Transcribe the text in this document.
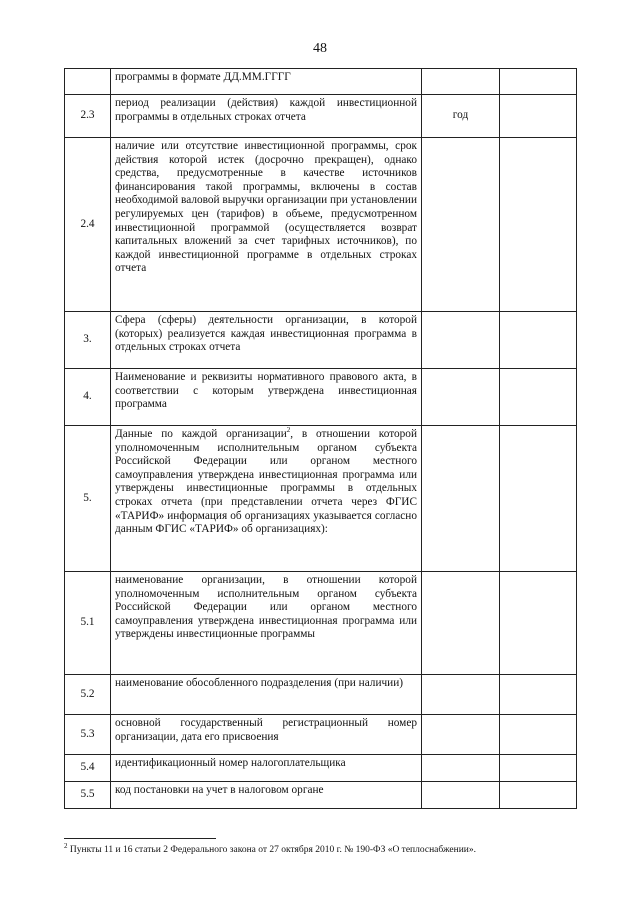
48
	программы в формате ДД.ММ.ГГГГ		
2.3	период реализации (действия) каждой инвестиционной программы в отдельных строках отчета	год	
2.4	наличие или отсутствие инвестиционной программы, срок действия которой истек (досрочно прекращен), однако средства, предусмотренные в качестве источников финансирования такой программы, включены в состав необходимой валовой выручки организации при установлении регулируемых цен (тарифов) в объеме, предусмотренном инвестиционной программой (осуществляется возврат капитальных вложений за счет тарифных источников), по каждой инвестиционной программе в отдельных строках отчета		
3.	Сфера (сферы) деятельности организации, в которой (которых) реализуется каждая инвестиционная программа в отдельных строках отчета		
4.	Наименование и реквизиты нормативного правового акта, в соответствии с которым утверждена инвестиционная программа		
5.	Данные по каждой организации$^2$, в отношении которой уполномоченным исполнительным органом субъекта Российской Федерации или органом местного самоуправления утверждена инвестиционная программа или утверждены инвестиционные программы в отдельных строках отчета (при представлении отчета через ФГИС «ТАРИФ» информация об организациях указывается согласно данным ФГИС «ТАРИФ» об организациях):		
5.1	наименование организации, в отношении которой уполномоченным исполнительным органом субъекта Российской Федерации или органом местного самоуправления утверждена инвестиционная программа или утверждены инвестиционные программы		
5.2	наименование обособленного подразделения (при наличии)		
5.3	основной государственный регистрационный номер организации, дата его присвоения		
5.4	идентификационный номер налогоплательщика		
5.5	код постановки на учет в налоговом органе		
$^2$ Пункты 11 и 16 статьи 2 Федерального закона от 27 октября 2010 г. № 190-ФЗ «О теплоснабжении».
